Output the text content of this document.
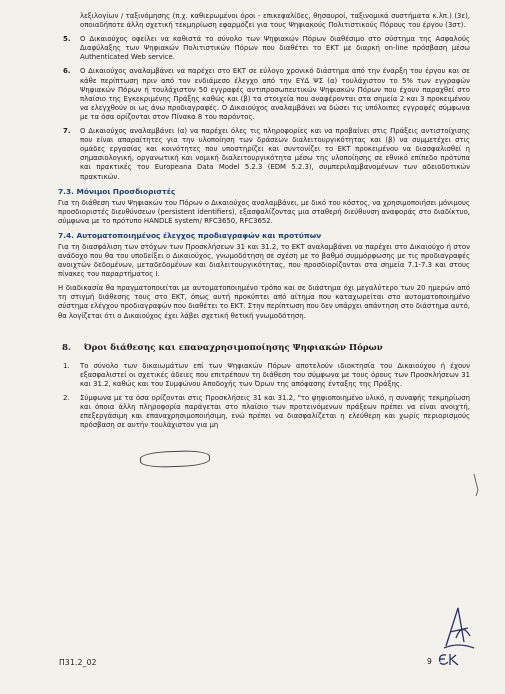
λεξιλογίων / ταξινόμησης (π.χ. καθιερωμένοι όροι - επικεφαλίδες, θησαυροί, ταξινομικά συστήματα κ.λπ.) (3ε), οποιαδήποτε άλλη σχετική τεκμηρίωση εφαρμόζει για τους Ψηφιακούς Πολιτιστικούς Πόρους του έργου (3στ).

5. Ο Δικαιούχος οφείλει να καθιστά το σύνολο των Ψηφιακών Πόρων διαθέσιμο στο σύστημα της Ασφαλούς Διαφύλαξης των Ψηφιακών Πολιτιστικών Πόρων που διαθέτει το ΕΚΤ με διαρκή on-line πρόσβαση μέσω Authenticated Web service.

6. Ο Δικαιούχος αναλαμβάνει να παρέχει στο ΕΚΤ σε εύλογο χρονικό διάστημα από την έναρξη του έργου και σε κάθε περίπτωση πριν από τον ενδιάμεσο έλεγχο από την ΕΥΔ ΨΣ (α) τουλάχιστον το 5% των εγγραφών Ψηφιακών Πόρων ή τουλάχιστον 50 εγγραφές αντιπροσωπευτικών Ψηφιακών Πόρων που έχουν παραχθεί στο πλαίσιο της Εγκεκριμένης Πράξης καθώς και (β) τα στοιχεία που αναφέρονται στα σημεία 2 και 3 προκειμένου να ελεγχθούν οι ως άνω προδιαγραφές. Ο Δικαιούχος αναλαμβάνει να δώσει τις υπόλοιπες εγγραφές σύμφωνα με τα όσα ορίζονται στον Πίνακα 8 του παρόντος.

7. Ο Δικαιούχος αναλαμβάνει (α) να παρέχει όλες τις πληροφορίες και να προβαίνει στις Πράξεις αντιστοίχισης που είναι απαραίτητες για την υλοποίηση των δράσεων διαλειτουργικότητας και (β) να συμμετέχει στις ομάδες εργασίας και κοινότητες που υποστηρίζει και συντονίζει το ΕΚΤ προκειμένου να διασφαλισθεί η σημασιολογική, οργανωτική και νομική διαλειτουργικότητα μέσω της υλοποίησης σε εθνικό επίπεδο πρότυπα και πρακτικές του Europeana Data Model 5.2.3 (EDM 5.2.3), συμπεριλαμβανομένων των αδειοδοτικών πρακτικών.

7.3. Μόνιμοι Προσδιοριστές

Για τη διάθεση των Ψηφιακών του Πόρων ο Δικαιούχος αναλαμβάνει, με δικό του κόστος, να χρησιμοποιήσει μόνιμους προσδιοριστές διευθύνσεων (persistent identifiers), εξασφαλίζοντας μια σταθερή διεύθυνση αναφοράς στο διαδίκτυο, σύμφωνα με το πρότυπο HANDLE system/ RFC3650, RFC3652.

7.4. Αυτοματοποιημένος έλεγχος προδιαγραφών και προτύπων

Για τη διασφάλιση των στόχων των Προσκλήσεων 31 και 31.2, το ΕΚΤ αναλαμβάνει να παρέχει στο Δικαιούχο ή στον ανάδοχο που θα του υποδείξει ο Δικαιούχος, γνωμοδότηση σε σχέση με το βαθμό συμμόρφωσης με τις προδιαγραφές ανοιχτών δεδομένων, μεταδεδομένων και διαλειτουργικότητας, που προσδιορίζονται στα σημεία 7.1-7.3 και στους πίνακες του παραρτήματος Ι.

Η διαδικασία θα πραγματοποιείται με αυτοματοποιημένο τρόπο και σε διάστημα όχι μεγαλύτερο των 20 ημερών από τη στιγμή διάθεσης τους στο ΕΚΤ, όπως αυτή προκύπτει από αίτημα που καταχωρείται στο αυτοματοποιημένο σύστημα ελέγχου προδιαγραφών που διαθέτει το ΕΚΤ. Στην περίπτωση που δεν υπάρχει απάντηση στο διάστημα αυτό, θα λογίζεται ότι ο Δικαιούχος έχει λάβει σχετική θετική γνωμοδότηση.

8. Όροι διάθεσης και επαναχρησιμοποίησης Ψηφιακών Πόρων
1. Το σύνολο των δικαιωμάτων επί των Ψηφιακών Πόρων αποτελούν ιδιοκτησία του Δικαιούχου ή έχουν εξασφαλιστεί οι σχετικές άδειες που επιτρέπουν τη διάθεση του σύμφωνα με τους όρους των Προσκλήσεων 31 και 31.2, καθώς και του Συμφώνου Αποδοχής των Όρων της απόφασης ένταξης της Πράξης.

2. Σύμφωνα με τα όσα ορίζονται στις Προσκλήσεις 31 και 31.2, "το ψηφιοποιημένο υλικό, η συναφής τεκμηρίωση και όποια άλλη πληροφορία παράγεται στο πλαίσιο των προτεινόμενων πράξεων πρέπει να είναι ανοιχτή, επεξεργάσιμη και επαναχρησιμοποιήσιμη, ενώ πρέπει να διασφαλίζεται η ελεύθερη και χωρίς περιορισμούς πρόσβαση σε αυτήν τουλάχιστον για μη

Π31.2_02	9
